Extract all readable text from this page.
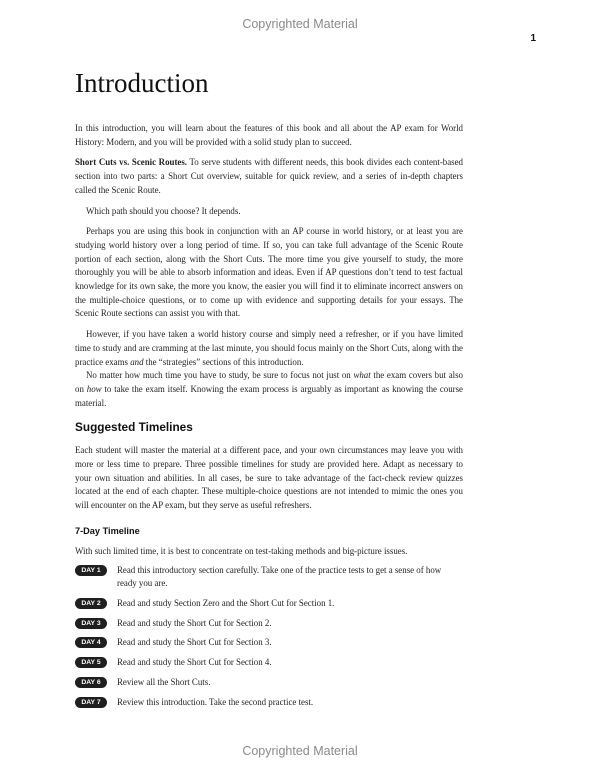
Copyrighted Material
1
Introduction

In this introduction, you will learn about the features of this book and all about the AP exam for World History: Modern, and you will be provided with a solid study plan to succeed.

Short Cuts vs. Scenic Routes. To serve students with different needs, this book divides each content-based section into two parts: a Short Cut overview, suitable for quick review, and a series of in-depth chapters called the Scenic Route.

Which path should you choose? It depends.

Perhaps you are using this book in conjunction with an AP course in world history, or at least you are studying world history over a long period of time. If so, you can take full advantage of the Scenic Route portion of each section, along with the Short Cuts. The more time you give yourself to study, the more thoroughly you will be able to absorb information and ideas. Even if AP questions don’t tend to test factual knowledge for its own sake, the more you know, the easier you will find it to eliminate incorrect answers on the multiple-choice questions, or to come up with evidence and supporting details for your essays. The Scenic Route sections can assist you with that.

However, if you have taken a world history course and simply need a refresher, or if you have limited time to study and are cramming at the last minute, you should focus mainly on the Short Cuts, along with the practice exams and the “strategies” sections of this introduction.

No matter how much time you have to study, be sure to focus not just on what the exam covers but also on how to take the exam itself. Knowing the exam process is arguably as important as knowing the course material.

Suggested Timelines

Each student will master the material at a different pace, and your own circumstances may leave you with more or less time to prepare. Three possible timelines for study are provided here. Adapt as necessary to your own situation and abilities. In all cases, be sure to take advantage of the fact-check review quizzes located at the end of each chapter. These multiple-choice questions are not intended to mimic the ones you will encounter on the AP exam, but they serve as useful refreshers.

7-Day Timeline

With such limited time, it is best to concentrate on test-taking methods and big-picture issues.

DAY 1	Read this introductory section carefully. Take one of the practice tests to get a sense of how ready you are.
DAY 2	Read and study Section Zero and the Short Cut for Section 1.
DAY 3	Read and study the Short Cut for Section 2.
DAY 4	Read and study the Short Cut for Section 3.
DAY 5	Read and study the Short Cut for Section 4.
DAY 6	Review all the Short Cuts.
DAY 7	Review this introduction. Take the second practice test.
Copyrighted Material
